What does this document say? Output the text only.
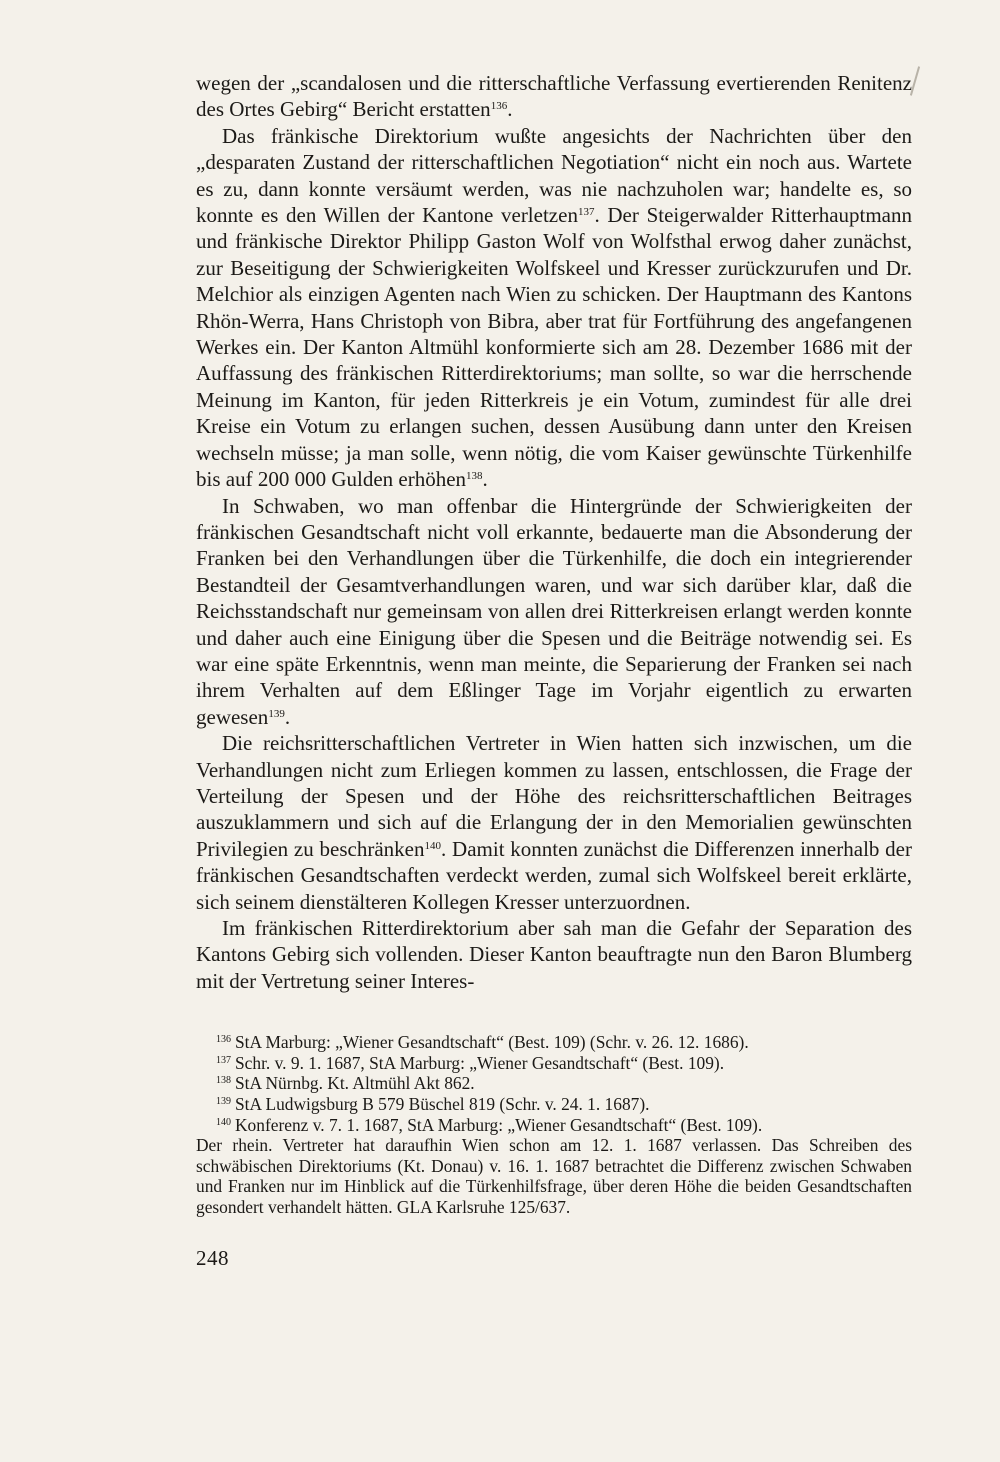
wegen der „scandalosen und die ritterschaftliche Verfassung evertierenden Renitenz des Ortes Gebirg“ Bericht erstatten$^{136}$.

Das fränkische Direktorium wußte angesichts der Nachrichten über den „desparaten Zustand der ritterschaftlichen Negotiation“ nicht ein noch aus. Wartete es zu, dann konnte versäumt werden, was nie nachzuholen war; handelte es, so konnte es den Willen der Kantone verletzen$^{137}$. Der Steigerwalder Ritterhauptmann und fränkische Direktor Philipp Gaston Wolf von Wolfsthal erwog daher zunächst, zur Beseitigung der Schwierigkeiten Wolfskeel und Kresser zurückzurufen und Dr. Melchior als einzigen Agenten nach Wien zu schicken. Der Hauptmann des Kantons Rhön-Werra, Hans Christoph von Bibra, aber trat für Fortführung des angefangenen Werkes ein. Der Kanton Altmühl konformierte sich am 28. Dezember 1686 mit der Auffassung des fränkischen Ritterdirektoriums; man sollte, so war die herrschende Meinung im Kanton, für jeden Ritterkreis je ein Votum, zumindest für alle drei Kreise ein Votum zu erlangen suchen, dessen Ausübung dann unter den Kreisen wechseln müsse; ja man solle, wenn nötig, die vom Kaiser gewünschte Türkenhilfe bis auf 200 000 Gulden erhöhen$^{138}$.

In Schwaben, wo man offenbar die Hintergründe der Schwierigkeiten der fränkischen Gesandtschaft nicht voll erkannte, bedauerte man die Absonderung der Franken bei den Verhandlungen über die Türkenhilfe, die doch ein integrierender Bestandteil der Gesamtverhandlungen waren, und war sich darüber klar, daß die Reichsstandschaft nur gemeinsam von allen drei Ritterkreisen erlangt werden konnte und daher auch eine Einigung über die Spesen und die Beiträge notwendig sei. Es war eine späte Erkenntnis, wenn man meinte, die Separierung der Franken sei nach ihrem Verhalten auf dem Eßlinger Tage im Vorjahr eigentlich zu erwarten gewesen$^{139}$.

Die reichsritterschaftlichen Vertreter in Wien hatten sich inzwischen, um die Verhandlungen nicht zum Erliegen kommen zu lassen, entschlossen, die Frage der Verteilung der Spesen und der Höhe des reichsritterschaftlichen Beitrages auszuklammern und sich auf die Erlangung der in den Memorialien gewünschten Privilegien zu beschränken$^{140}$. Damit konnten zunächst die Differenzen innerhalb der fränkischen Gesandtschaften verdeckt werden, zumal sich Wolfskeel bereit erklärte, sich seinem dienstälteren Kollegen Kresser unterzuordnen.

Im fränkischen Ritterdirektorium aber sah man die Gefahr der Separation des Kantons Gebirg sich vollenden. Dieser Kanton beauftragte nun den Baron Blumberg mit der Vertretung seiner Interes-

$^{136}$ StA Marburg: „Wiener Gesandtschaft“ (Best. 109) (Schr. v. 26. 12. 1686).

$^{137}$ Schr. v. 9. 1. 1687, StA Marburg: „Wiener Gesandtschaft“ (Best. 109).

$^{138}$ StA Nürnbg. Kt. Altmühl Akt 862.

$^{139}$ StA Ludwigsburg B 579 Büschel 819 (Schr. v. 24. 1. 1687).

$^{140}$ Konferenz v. 7. 1. 1687, StA Marburg: „Wiener Gesandtschaft“ (Best. 109).

Der rhein. Vertreter hat daraufhin Wien schon am 12. 1. 1687 verlassen. Das Schreiben des schwäbischen Direktoriums (Kt. Donau) v. 16. 1. 1687 betrachtet die Differenz zwischen Schwaben und Franken nur im Hinblick auf die Türkenhilfsfrage, über deren Höhe die beiden Gesandtschaften gesondert verhandelt hätten. GLA Karlsruhe 125/637.

248
